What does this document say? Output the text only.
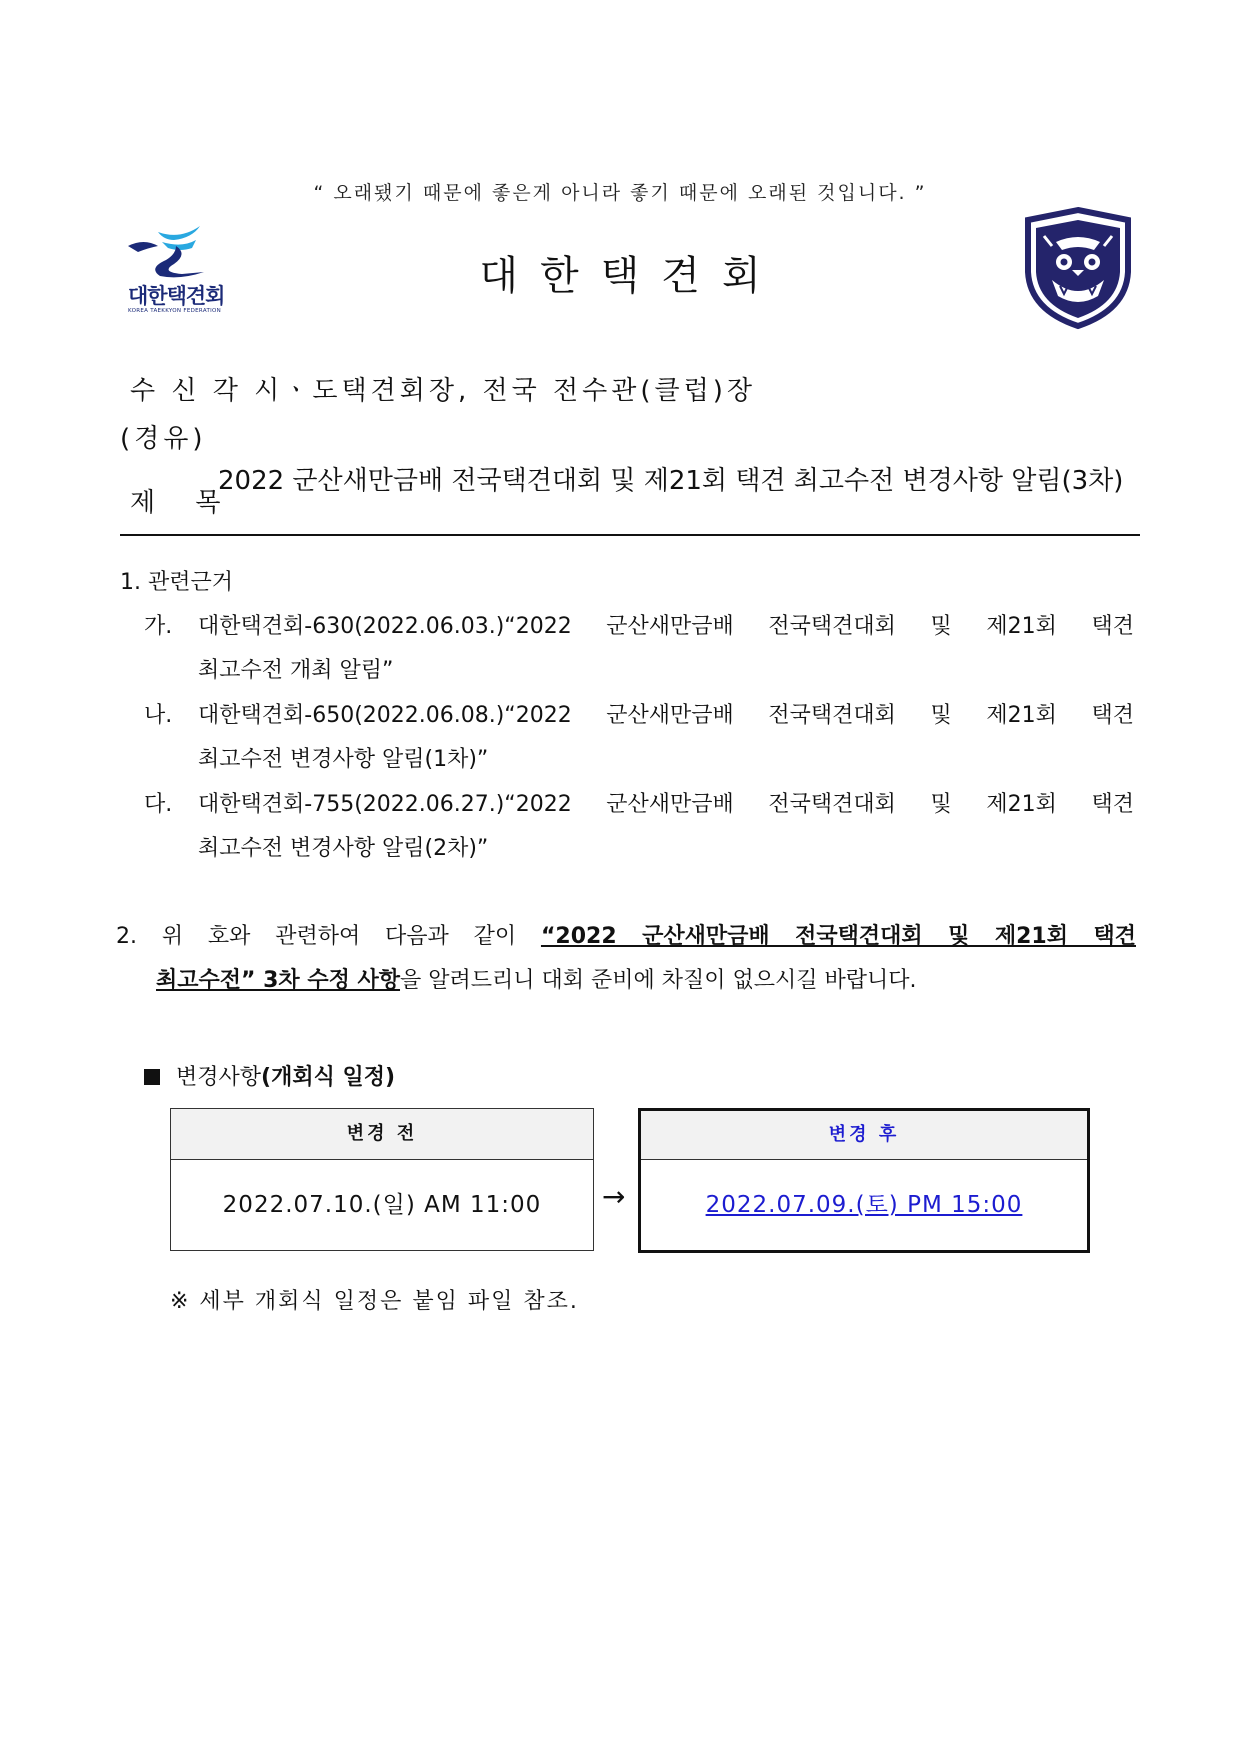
“ 오래됐기 때문에 좋은게 아니라 좋기 때문에 오래된 것입니다. ”
대한택견회
KOREA TAEKKYON FEDERATION
대한택견회
수 신 각 시ㆍ도택견회장, 전국 전수관(클럽)장
(경유)
제 목
2022 군산새만금배 전국택견대회 및 제21회 택견 최고수전 변경사항 알림(3차)
1. 관련근거
가. 대한택견회-630(2022.06.03.)“2022 군산새만금배 전국택견대회 및 제21회 택견
최고수전 개최 알림”
나. 대한택견회-650(2022.06.08.)“2022 군산새만금배 전국택견대회 및 제21회 택견
최고수전 변경사항 알림(1차)”
다. 대한택견회-755(2022.06.27.)“2022 군산새만금배 전국택견대회 및 제21회 택견
최고수전 변경사항 알림(2차)”
2. 위 호와 관련하여 다음과 같이 “2022 군산새만금배 전국택견대회 및 제21회 택견
최고수전” 3차 수정 사항을 알려드리니 대회 준비에 차질이 없으시길 바랍니다.
변경사항(개회식 일정)
변경 전
2022.07.10.(일) AM 11:00	→
변경 후
2022.07.09.(토) PM 15:00
※ 세부 개회식 일정은 붙임 파일 참조.
